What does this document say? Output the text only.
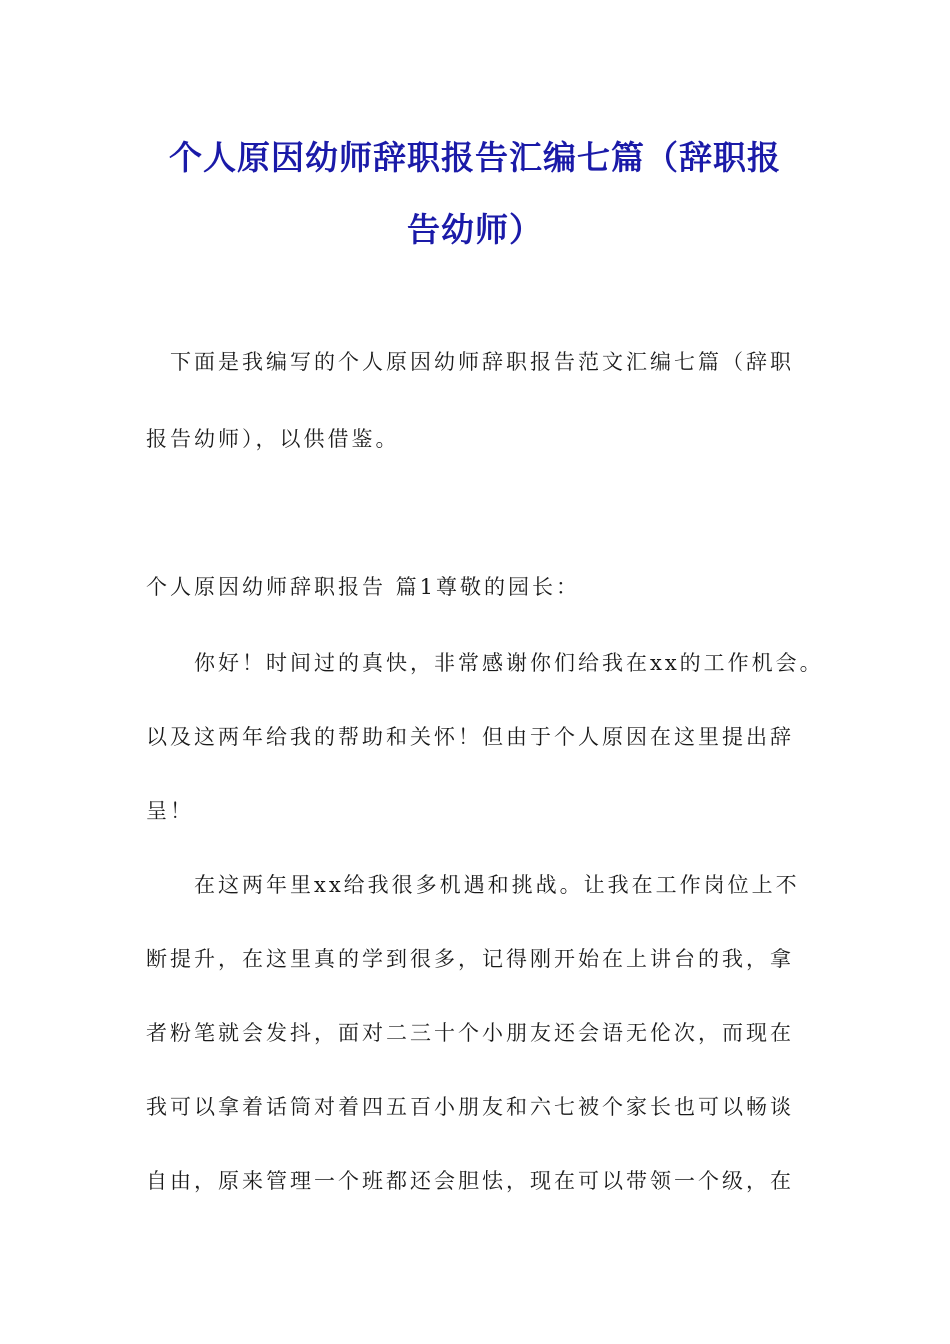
个人原因幼师辞职报告汇编七篇（辞职报
告幼师）
下面是我编写的个人原因幼师辞职报告范文汇编七篇（辞职
报告幼师），以供借鉴。
个人原因幼师辞职报告 篇1尊敬的园长：
你好！时间过的真快，非常感谢你们给我在xx的工作机会。
以及这两年给我的帮助和关怀！但由于个人原因在这里提出辞
呈！
在这两年里xx给我很多机遇和挑战。让我在工作岗位上不
断提升，在这里真的学到很多，记得刚开始在上讲台的我，拿
者粉笔就会发抖，面对二三十个小朋友还会语无伦次，而现在
我可以拿着话筒对着四五百小朋友和六七被个家长也可以畅谈
自由，原来管理一个班都还会胆怯，现在可以带领一个级，在
